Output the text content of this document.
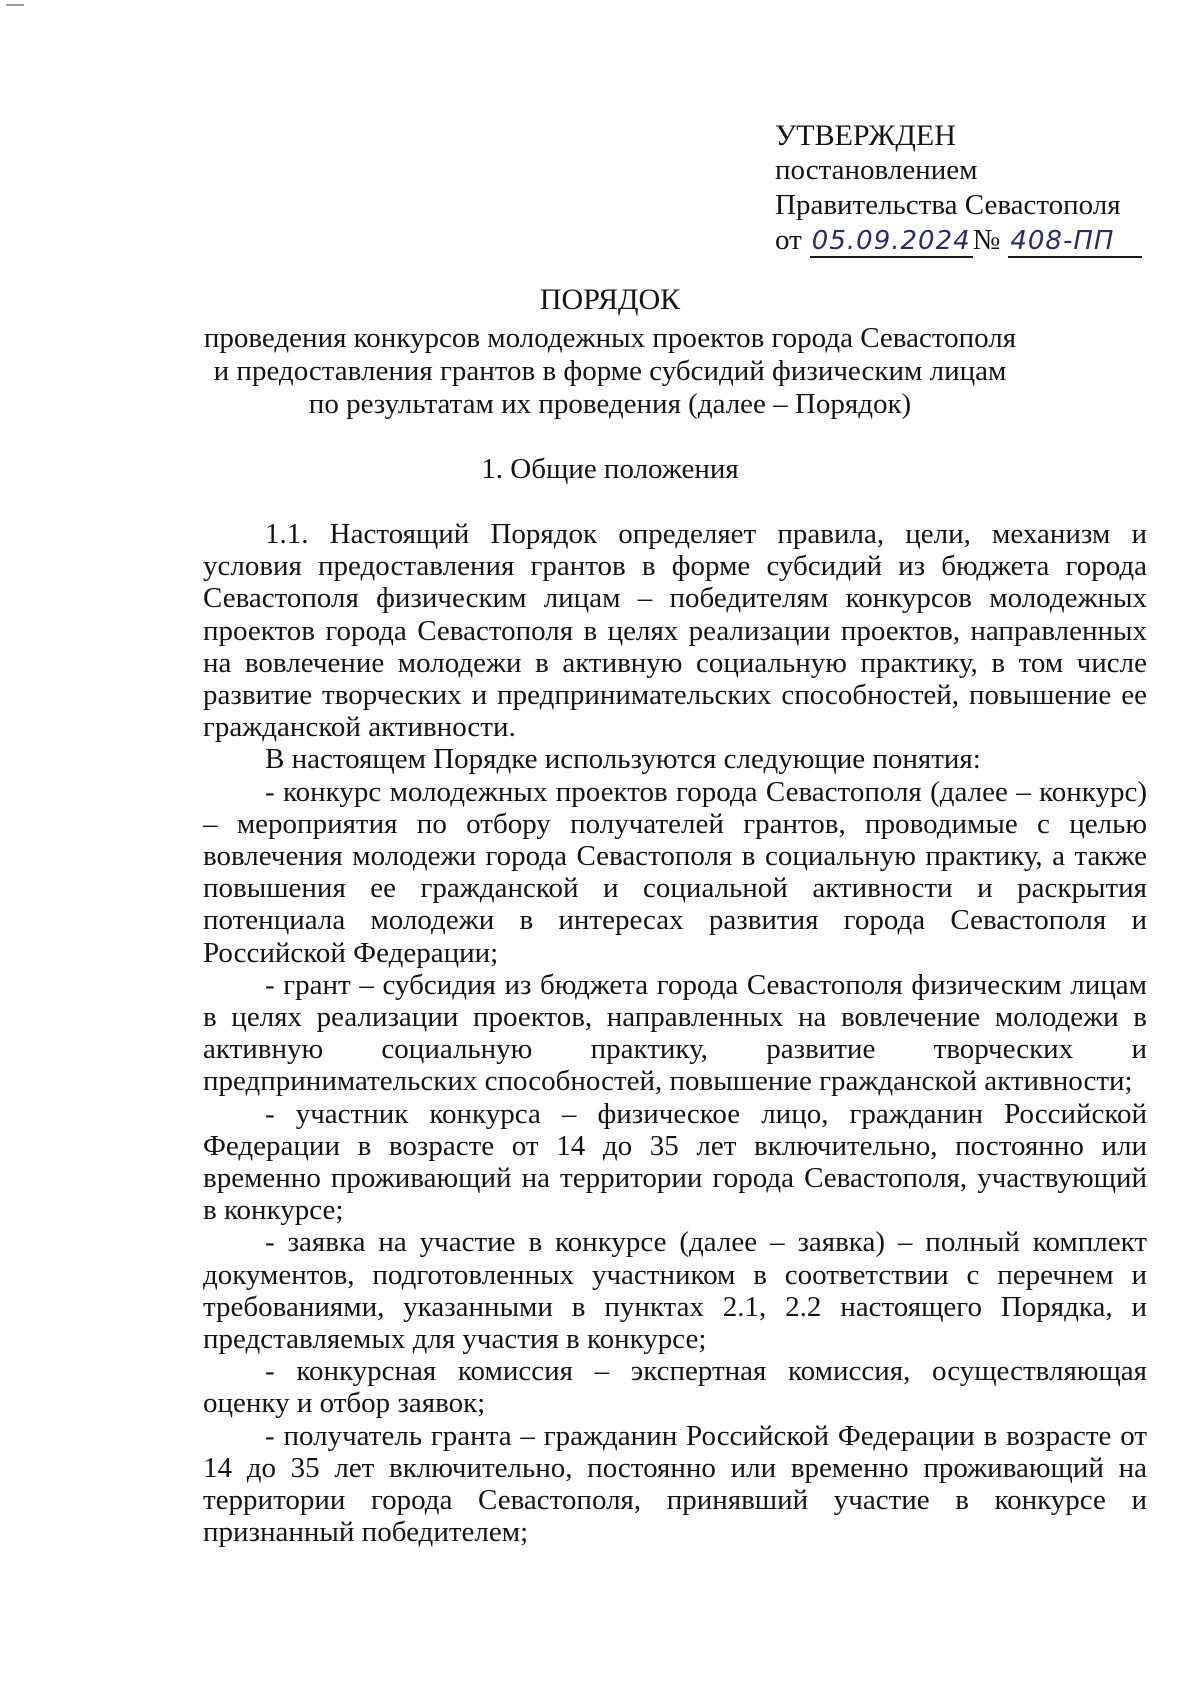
УТВЕРЖДЕН
постановлением
Правительства Севастополя
от 05.09.2024 № 408-ПП
ПОРЯДОК
проведения конкурсов молодежных проектов города Севастополя
и предоставления грантов в форме субсидий физическим лицам
по результатам их проведения (далее – Порядок)
1. Общие положения

1.1. Настоящий Порядок определяет правила, цели, механизм и условия предоставления грантов в форме субсидий из бюджета города Севастополя физическим лицам – победителям конкурсов молодежных проектов города Севастополя в целях реализации проектов, направленных на вовлечение молодежи в активную социальную практику, в том числе развитие творческих и предпринимательских способностей, повышение ее гражданской активности.

В настоящем Порядке используются следующие понятия:

- конкурс молодежных проектов города Севастополя (далее – конкурс) – мероприятия по отбору получателей грантов, проводимые с целью вовлечения молодежи города Севастополя в социальную практику, а также повышения ее гражданской и социальной активности и раскрытия потенциала молодежи в интересах развития города Севастополя и Российской Федерации;

- грант – субсидия из бюджета города Севастополя физическим лицам в целях реализации проектов, направленных на вовлечение молодежи в активную социальную практику, развитие творческих и предпринимательских способностей, повышение гражданской активности;

- участник конкурса – физическое лицо, гражданин Российской Федерации в возрасте от 14 до 35 лет включительно, постоянно или временно проживающий на территории города Севастополя, участвующий в конкурсе;

- заявка на участие в конкурсе (далее – заявка) – полный комплект документов, подготовленных участником в соответствии с перечнем и требованиями, указанными в пунктах 2.1, 2.2 настоящего Порядка, и представляемых для участия в конкурсе;

- конкурсная комиссия – экспертная комиссия, осуществляющая оценку и отбор заявок;

- получатель гранта – гражданин Российской Федерации в возрасте от 14 до 35 лет включительно, постоянно или временно проживающий на территории города Севастополя, принявший участие в конкурсе и признанный победителем;
